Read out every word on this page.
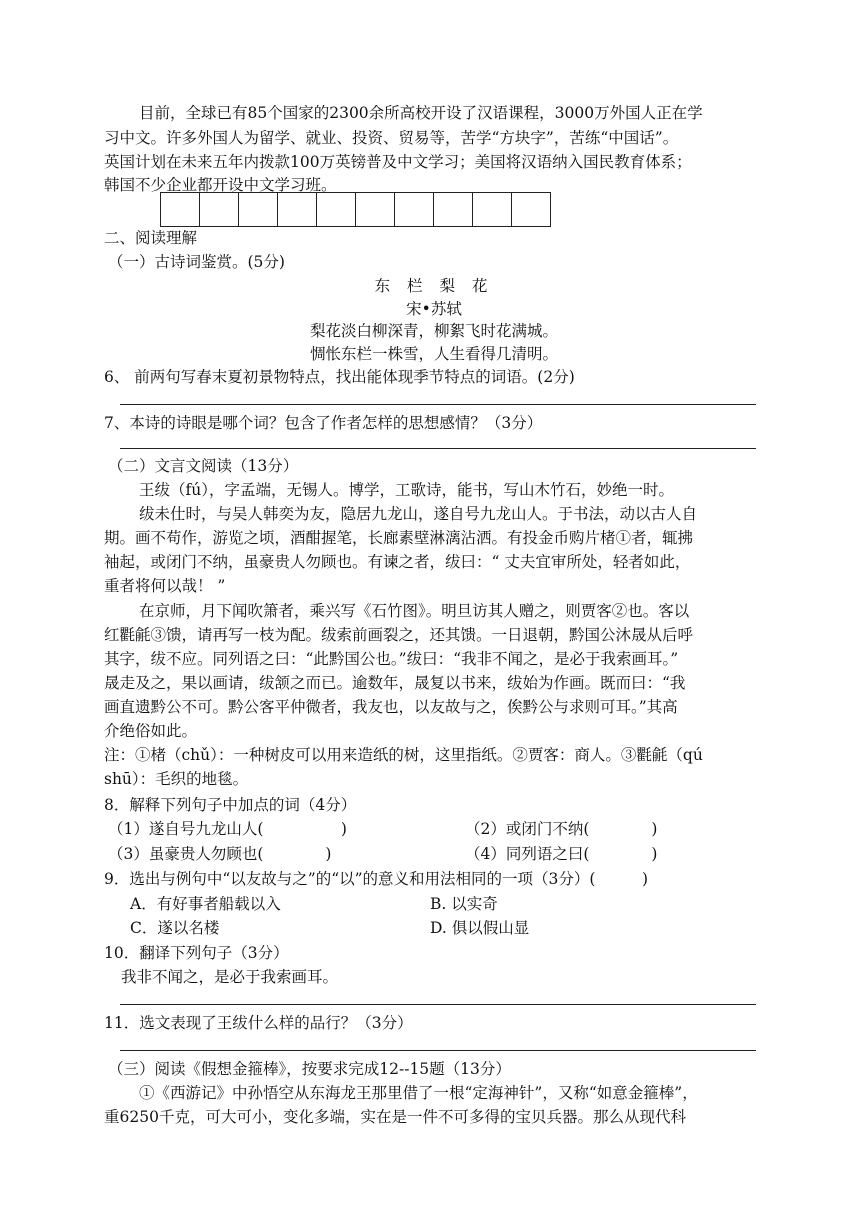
目前，全球已有85个国家的2300余所高校开设了汉语课程，3000万外国人正在学
习中文。许多外国人为留学、就业、投资、贸易等，苦学“方块字”，苦练“中国话”。
英国计划在未来五年内拨款100万英镑普及中文学习；美国将汉语纳入国民教育体系；
韩国不少企业都开设中文学习班。
二、阅读理解
（一）古诗词鉴赏。(5分)
东 栏 梨 花
宋•苏轼
梨花淡白柳深青，柳絮飞时花满城。
惆怅东栏一株雪，人生看得几清明。
6、 前两句写春末夏初景物特点，找出能体现季节特点的词语。(2分)
7、本诗的诗眼是哪个词？包含了作者怎样的思想感情？（3分）
（二）文言文阅读（13分）
王绂（fú），字孟端，无锡人。博学，工歌诗，能书，写山木竹石，妙绝一时。
绂未仕时，与吴人韩奕为友，隐居九龙山，遂自号九龙山人。于书法，动以古人自
期。画不苟作，游览之顷，酒酣握笔，长廊素壁淋漓沾洒。有投金币购片楮①者，辄拂
袖起，或闭门不纳，虽豪贵人勿顾也。有谏之者，绂曰：“ 丈夫宜审所处，轻者如此，
重者将何以哉！ ”
在京师，月下闻吹箫者，乘兴写《石竹图》。明旦访其人赠之，则贾客②也。客以
红氍毹③馈，请再写一枝为配。绂索前画裂之，还其馈。一日退朝，黔国公沐晟从后呼
其字，绂不应。同列语之曰：“此黔国公也。”绂曰：“我非不闻之，是必于我索画耳。”
晟走及之，果以画请，绂颔之而已。逾数年，晟复以书来，绂始为作画。既而曰：“我
画直遗黔公不可。黔公客平仲微者，我友也，以友故与之，俟黔公与求则可耳。”其高
介绝俗如此。
注：①楮（chǔ）：一种树皮可以用来造纸的树，这里指纸。②贾客：商人。③氍毹（qú
shū）：毛织的地毯。
8．解释下列句子中加点的词（4分）
（1）遂自号九龙山人(　　　　　)	（2）或闭门不纳(　　　　)
（3）虽豪贵人勿顾也(　　　　)	（4）同列语之曰(　　　　)
9．选出与例句中“以友故与之”的“以”的意义和用法相同的一项（3分）(　　　)
A．有好事者船载以入	B. 以实奇
C．遂以名楼	D. 俱以假山显
10．翻译下列句子（3分）
我非不闻之，是必于我索画耳。
11．选文表现了王绂什么样的品行？（3分）
（三）阅读《假想金箍棒》，按要求完成12--15题（13分）
①《西游记》中孙悟空从东海龙王那里借了一根“定海神针”，又称“如意金箍棒”，
重6250千克，可大可小，变化多端，实在是一件不可多得的宝贝兵器。那么从现代科
